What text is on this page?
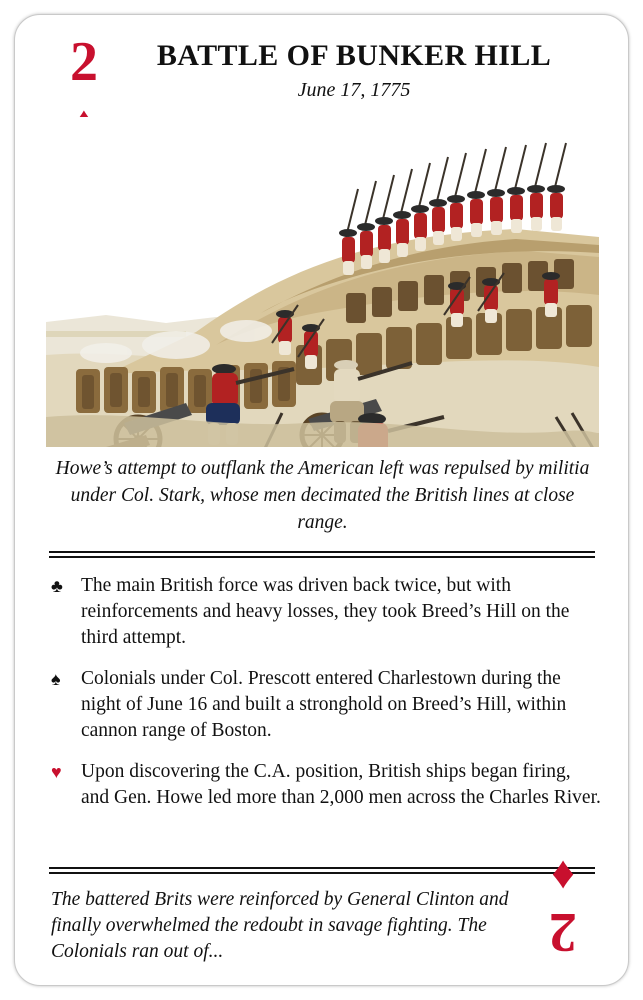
2	BATTLE OF BUNKER HILL
June 17, 1775
Howe’s attempt to outflank the American left was repulsed by militia under Col. Stark, whose men decimated the British lines at close range.
♣ The main British force was driven back twice, but with reinforcements and heavy losses, they took Breed’s Hill on the third attempt.
♠ Colonials under Col. Prescott entered Charlestown during the night of June 16 and built a stronghold on Breed’s Hill, within cannon range of Boston.
♥ Upon discovering the C.A. position, British ships began firing, and Gen. Howe led more than 2,000 men across the Charles River.
The battered Brits were reinforced by General Clinton and finally overwhelmed the redoubt in savage fighting. The Colonials ran out of...	2
♦
